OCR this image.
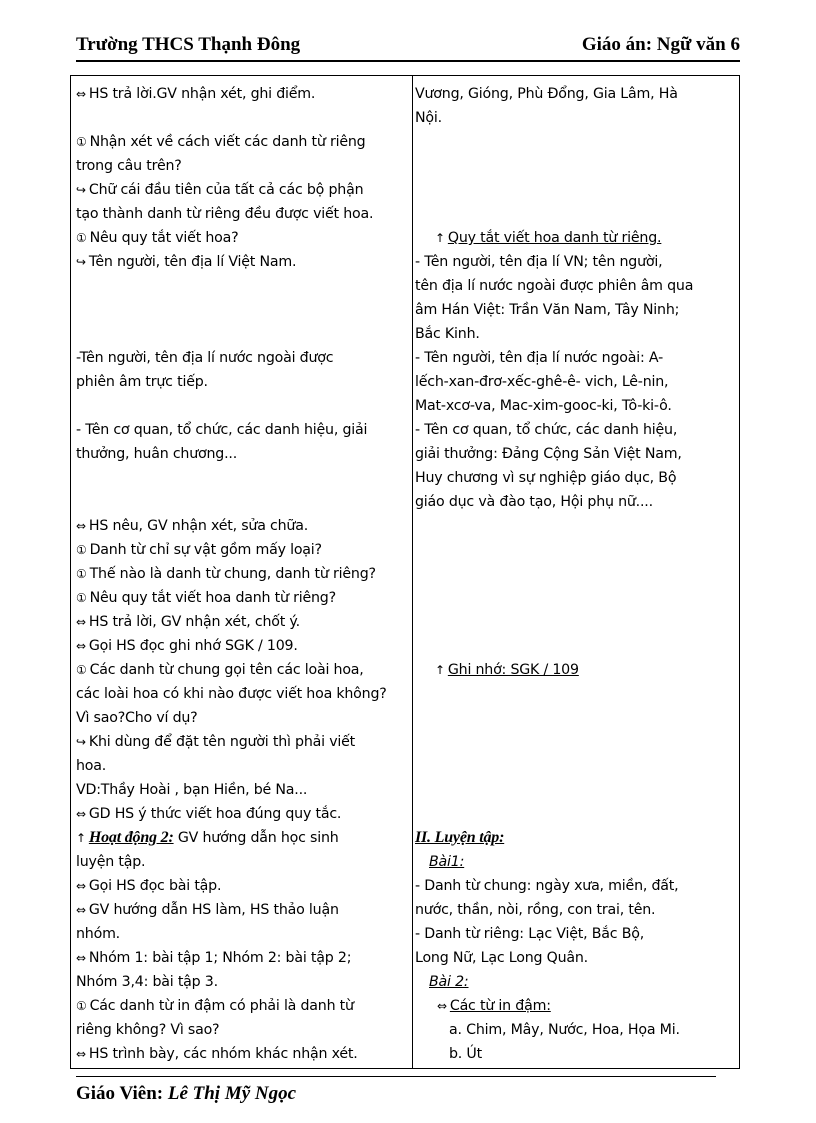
Trường THCS Thạnh Đông	Giáo án: Ngữ văn 6
⇔ HS trả lời.GV nhận xét, ghi điểm.
① Nhận xét về cách viết các danh từ riêng
trong câu trên?
↪ Chữ cái đầu tiên của tất cả các bộ phận
tạo thành danh từ riêng đều được viết hoa.
① Nêu quy tắt viết hoa?
↪ Tên người, tên địa lí Việt Nam.
-Tên người, tên địa lí nước ngoài được
phiên âm trực tiếp.
- Tên cơ quan, tổ chức, các danh hiệu, giải
thưởng, huân chương...
⇔ HS nêu, GV nhận xét, sửa chữa.
① Danh từ chỉ sự vật gồm mấy loại?
① Thế nào là danh từ chung, danh từ riêng?
① Nêu quy tắt viết hoa danh từ riêng?
⇔ HS trả lời, GV nhận xét, chốt ý.
⇔ Gọi HS đọc ghi nhớ SGK / 109.
① Các danh từ chung gọi tên các loài hoa,
các loài hoa có khi nào được viết hoa không?
Vì sao?Cho ví dụ?
↪ Khi dùng để đặt tên người thì phải viết
hoa.
VD:Thầy Hoài , bạn Hiền, bé Na...
⇔ GD HS ý thức viết hoa đúng quy tắc.
↑ Hoạt động 2: GV hướng dẫn học sinh
luyện tập.
⇔ Gọi HS đọc bài tập.
⇔ GV hướng dẫn HS làm, HS thảo luận
nhóm.
⇔ Nhóm 1: bài tập 1; Nhóm 2: bài tập 2;
Nhóm 3,4: bài tập 3.
① Các danh từ in đậm có phải là danh từ
riêng không? Vì sao?
⇔ HS trình bày, các nhóm khác nhận xét.
Vương, Gióng, Phù Đổng, Gia Lâm, Hà
Nội.
↑ Quy tắt viết hoa danh từ riêng.
- Tên người, tên địa lí VN; tên người,
tên địa lí nước ngoài được phiên âm qua
âm Hán Việt: Trần Văn Nam, Tây Ninh;
Bắc Kinh.
- Tên người, tên địa lí nước ngoài: A-
lếch-xan-đrơ-xếc-ghê-ê- vich, Lê-nin,
Mat-xcơ-va, Mac-xim-gooc-ki, Tô-ki-ô.
- Tên cơ quan, tổ chức, các danh hiệu,
giải thưởng: Đảng Cộng Sản Việt Nam,
Huy chương vì sự nghiệp giáo dục, Bộ
giáo dục và đào tạo, Hội phụ nữ....
↑ Ghi nhớ: SGK / 109
II. Luyện tập:
Bài1:
- Danh từ chung: ngày xưa, miền, đất,
nước, thần, nòi, rồng, con trai, tên.
- Danh từ riêng: Lạc Việt, Bắc Bộ,
Long Nữ, Lạc Long Quân.
Bài 2:
⇔ Các từ in đậm:
a. Chim, Mây, Nước, Hoa, Họa Mi.
b. Út
Giáo Viên: Lê Thị Mỹ Ngọc
